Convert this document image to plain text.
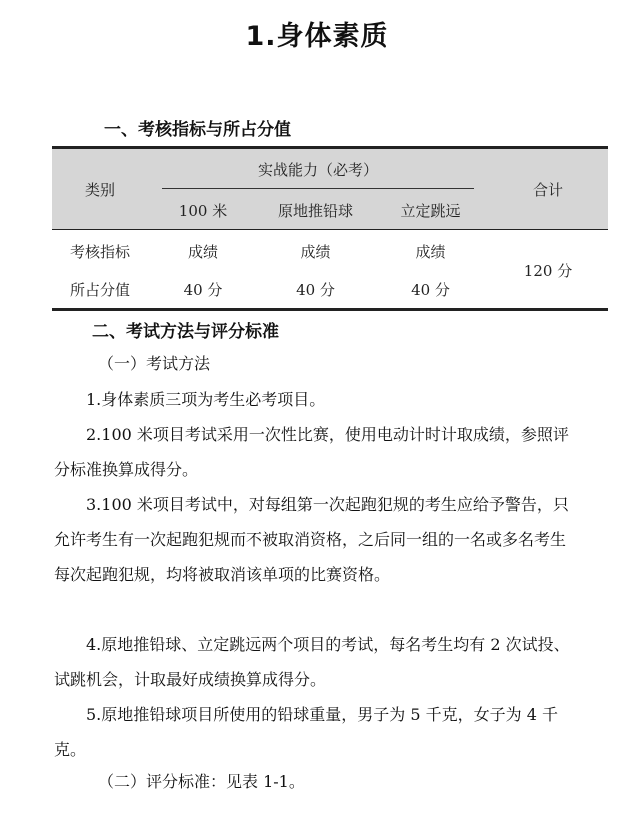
1.身体素质
一、考核指标与所占分值
类别	实战能力（必考）			合计
	100 米	原地推铅球	立定跳远	
考核指标	成绩	成绩	成绩	120 分
所占分值	40 分	40 分	40 分	
二、考试方法与评分标准
（一）考试方法
1.身体素质三项为考生必考项目。
2.100 米项目考试采用一次性比赛，使用电动计时计取成绩，参照评分标准换算成得分。
3.100 米项目考试中，对每组第一次起跑犯规的考生应给予警告，只允许考生有一次起跑犯规而不被取消资格，之后同一组的一名或多名考生每次起跑犯规，均将被取消该单项的比赛资格。
4.原地推铅球、立定跳远两个项目的考试，每名考生均有 2 次试投、试跳机会，计取最好成绩换算成得分。
5.原地推铅球项目所使用的铅球重量，男子为 5 千克，女子为 4 千克。
（二）评分标准：见表 1-1。
